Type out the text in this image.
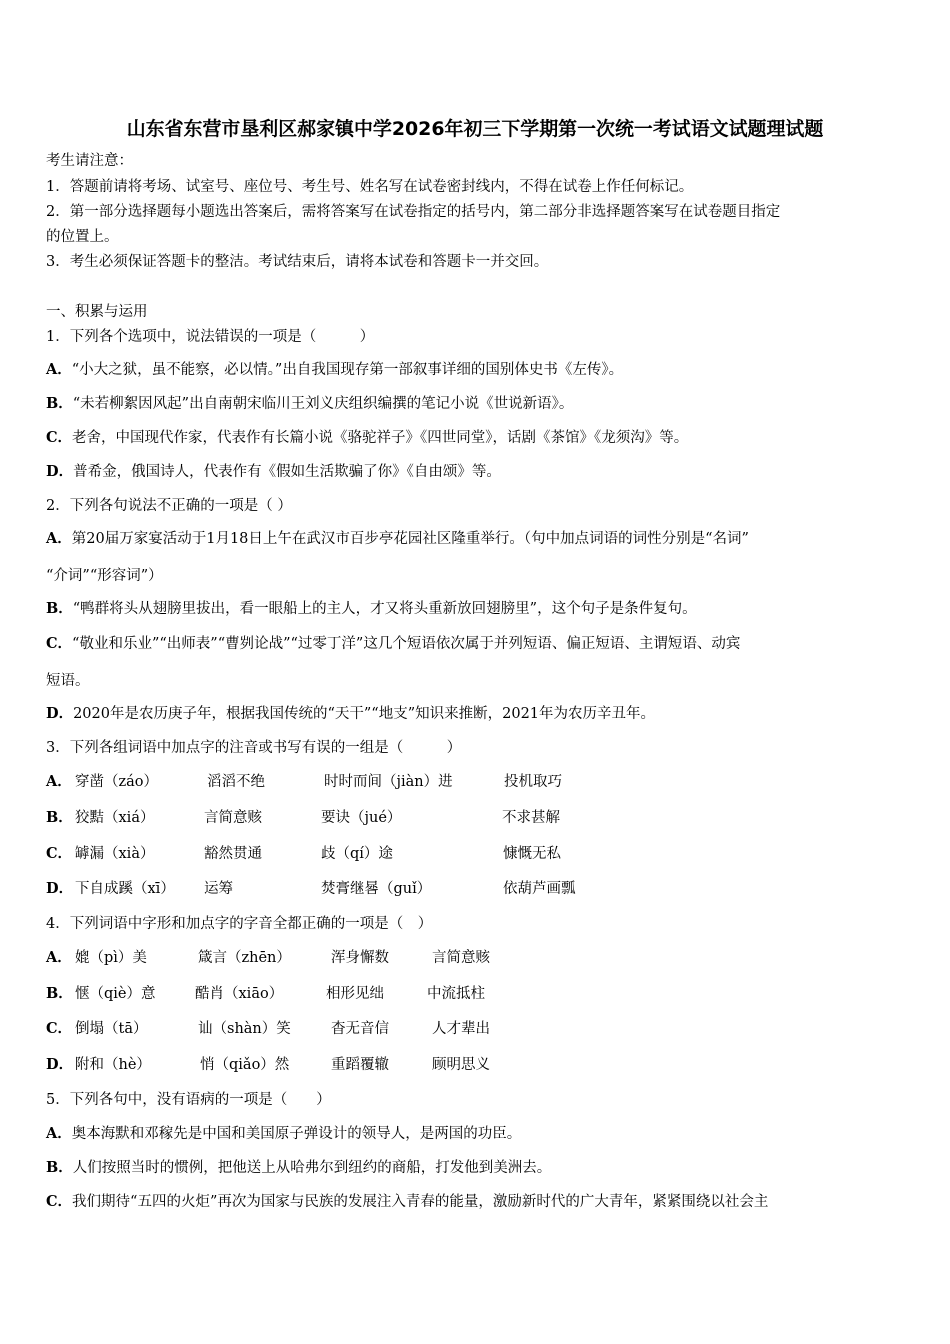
山东省东营市垦利区郝家镇中学2026年初三下学期第一次统一考试语文试题理试题
考生请注意：
1．答题前请将考场、试室号、座位号、考生号、姓名写在试卷密封线内，不得在试卷上作任何标记。
2．第一部分选择题每小题选出答案后，需将答案写在试卷指定的括号内，第二部分非选择题答案写在试卷题目指定
的位置上。
3．考生必须保证答题卡的整洁。考试结束后，请将本试卷和答题卡一并交回。
一、积累与运用
1．下列各个选项中，说法错误的一项是（　　　）
A．“小大之狱，虽不能察，必以情。”出自我国现存第一部叙事详细的国别体史书《左传》。
B．“未若柳絮因风起”出自南朝宋临川王刘义庆组织编撰的笔记小说《世说新语》。
C．老舍，中国现代作家，代表作有长篇小说《骆驼祥子》《四世同堂》，话剧《茶馆》《龙须沟》等。
D．普希金，俄国诗人，代表作有《假如生活欺骗了你》《自由颂》等。
2．下列各句说法不正确的一项是（ ）
A．第20届万家宴活动于1月18日上午在武汉市百步亭花园社区隆重举行。（句中加点词语的词性分别是“名词”
“介词”“形容词”）
B．“鸭群将头从翅膀里拔出，看一眼船上的主人，才又将头重新放回翅膀里”，这个句子是条件复句。
C．“敬业和乐业”“出师表”“曹刿论战”“过零丁洋”这几个短语依次属于并列短语、偏正短语、主谓短语、动宾
短语。
D．2020年是农历庚子年，根据我国传统的“天干”“地支”知识来推断，2021年为农历辛丑年。
3．下列各组词语中加点字的注音或书写有误的一组是（　　　）
A． 穿凿（záo）	滔滔不绝	时时而间（jiàn）进	投机取巧
B． 狡黠（xiá）	言简意赅	要诀（jué）	不求甚解
C． 罅漏（xià）	豁然贯通	歧（qí）途	慷慨无私
D． 下自成蹊（xī） 运筹	焚膏继晷（guǐ）	依葫芦画瓢
4．下列词语中字形和加点字的字音全都正确的一项是（　）
A． 媲（pì）美	箴言（zhēn）	浑身懈数	言简意赅
B． 惬（qiè）意	酷肖（xiāo）	相形见绌	中流抵柱
C． 倒塌（tā）	讪（shàn）笑	杳无音信	人才辈出
D． 附和（hè）	悄（qiǎo）然	重蹈覆辙	顾明思义
5．下列各句中，没有语病的一项是（　　）
A．奥本海默和邓稼先是中国和美国原子弹设计的领导人，是两国的功臣。
B．人们按照当时的惯例，把他送上从哈弗尔到纽约的商船，打发他到美洲去。
C．我们期待“五四的火炬”再次为国家与民族的发展注入青春的能量，激励新时代的广大青年，紧紧围绕以社会主
